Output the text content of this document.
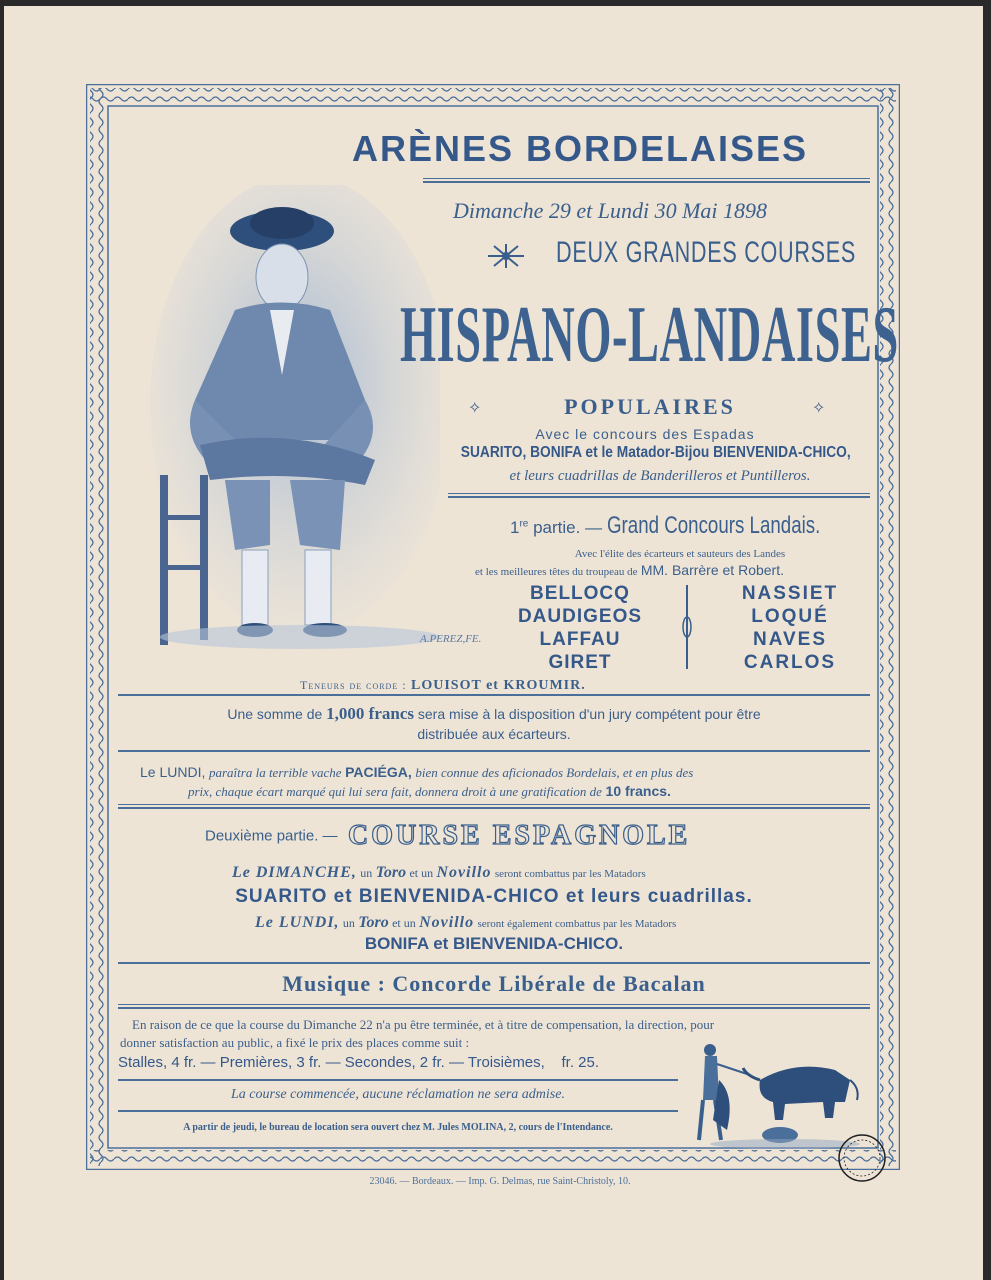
ARÈNES BORDELAISES
A.PEREZ,FE.
Dimanche 29 et Lundi 30 Mai 1898
DEUX GRANDES COURSES
HISPANO-LANDAISES
✧	✧
POPULAIRES
Avec le concours des Espadas
SUARITO, BONIFA et le Matador-Bijou BIENVENIDA-CHICO,
et leurs cuadrillas de Banderilleros et Puntilleros.
1re partie. — Grand Concours Landais.
Avec l'élite des écarteurs et sauteurs des Landes
et les meilleures têtes du troupeau de MM. Barrère et Robert.
BELLOCQ
DAUDIGEOS
LAFFAU
GIRET
NASSIET
LOQUÉ
NAVES
CARLOS
Teneurs de corde : LOUISOT et KROUMIR.
Une somme de 1,000 francs sera mise à la disposition d'un jury compétent pour être
distribuée aux écarteurs.
Le LUNDI, paraîtra la terrible vache PACIÉGA, bien connue des aficionados Bordelais, et en plus des
prix, chaque écart marqué qui lui sera fait, donnera droit à une gratification de 10 francs.
Deuxième partie. — COURSE ESPAGNOLE
Le DIMANCHE, un Toro et un Novillo seront combattus par les Matadors
SUARITO et BIENVENIDA-CHICO et leurs cuadrillas.
Le LUNDI, un Toro et un Novillo seront également combattus par les Matadors
BONIFA et BIENVENIDA-CHICO.
Musique : Concorde Libérale de Bacalan
En raison de ce que la course du Dimanche 22 n'a pu être terminée, et à titre de compensation, la direction, pour
donner satisfaction au public, a fixé le prix des places comme suit :
Stalles, 4 fr. — Premières, 3 fr. — Secondes, 2 fr. — Troisièmes,    fr. 25.
La course commencée, aucune réclamation ne sera admise.
A partir de jeudi, le bureau de location sera ouvert chez M. Jules MOLINA, 2, cours de l'Intendance.
23046. — Bordeaux. — Imp. G. Delmas, rue Saint-Christoly, 10.
